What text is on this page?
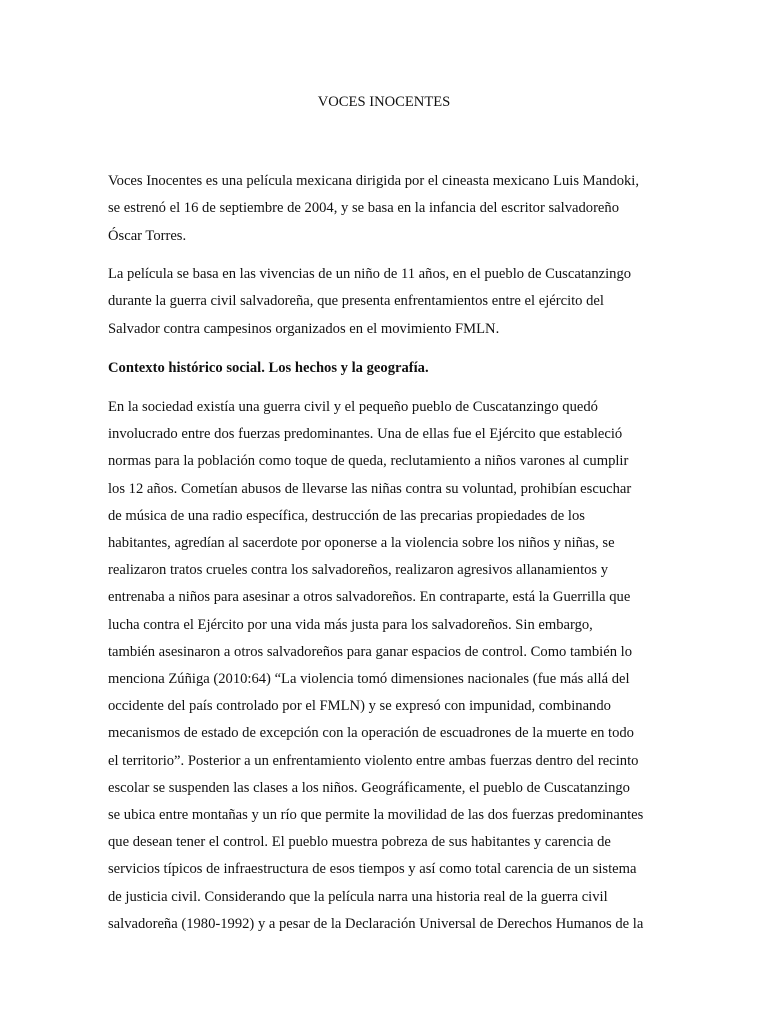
VOCES INOCENTES

Voces Inocentes es una película mexicana dirigida por el cineasta mexicano Luis Mandoki,
se estrenó el 16 de septiembre de 2004, y se basa en la infancia del escritor salvadoreño
Óscar Torres.

La película se basa en las vivencias de un niño de 11 años, en el pueblo de Cuscatanzingo
durante la guerra civil salvadoreña, que presenta enfrentamientos entre el ejército del
Salvador contra campesinos organizados en el movimiento FMLN.

Contexto histórico social. Los hechos y la geografía.

En la sociedad existía una guerra civil y el pequeño pueblo de Cuscatanzingo quedó
involucrado entre dos fuerzas predominantes. Una de ellas fue el Ejército que estableció
normas para la población como toque de queda, reclutamiento a niños varones al cumplir
los 12 años. Cometían abusos de llevarse las niñas contra su voluntad, prohibían escuchar
de música de una radio específica, destrucción de las precarias propiedades de los
habitantes, agredían al sacerdote por oponerse a la violencia sobre los niños y niñas, se
realizaron tratos crueles contra los salvadoreños, realizaron agresivos allanamientos y
entrenaba a niños para asesinar a otros salvadoreños. En contraparte, está la Guerrilla que
lucha contra el Ejército por una vida más justa para los salvadoreños. Sin embargo,
también asesinaron a otros salvadoreños para ganar espacios de control. Como también lo
menciona Zúñiga (2010:64) “La violencia tomó dimensiones nacionales (fue más allá del
occidente del país controlado por el FMLN) y se expresó con impunidad, combinando
mecanismos de estado de excepción con la operación de escuadrones de la muerte en todo
el territorio”. Posterior a un enfrentamiento violento entre ambas fuerzas dentro del recinto
escolar se suspenden las clases a los niños. Geográficamente, el pueblo de Cuscatanzingo
se ubica entre montañas y un río que permite la movilidad de las dos fuerzas predominantes
que desean tener el control. El pueblo muestra pobreza de sus habitantes y carencia de
servicios típicos de infraestructura de esos tiempos y así como total carencia de un sistema
de justicia civil. Considerando que la película narra una historia real de la guerra civil
salvadoreña (1980-1992) y a pesar de la Declaración Universal de Derechos Humanos de la
